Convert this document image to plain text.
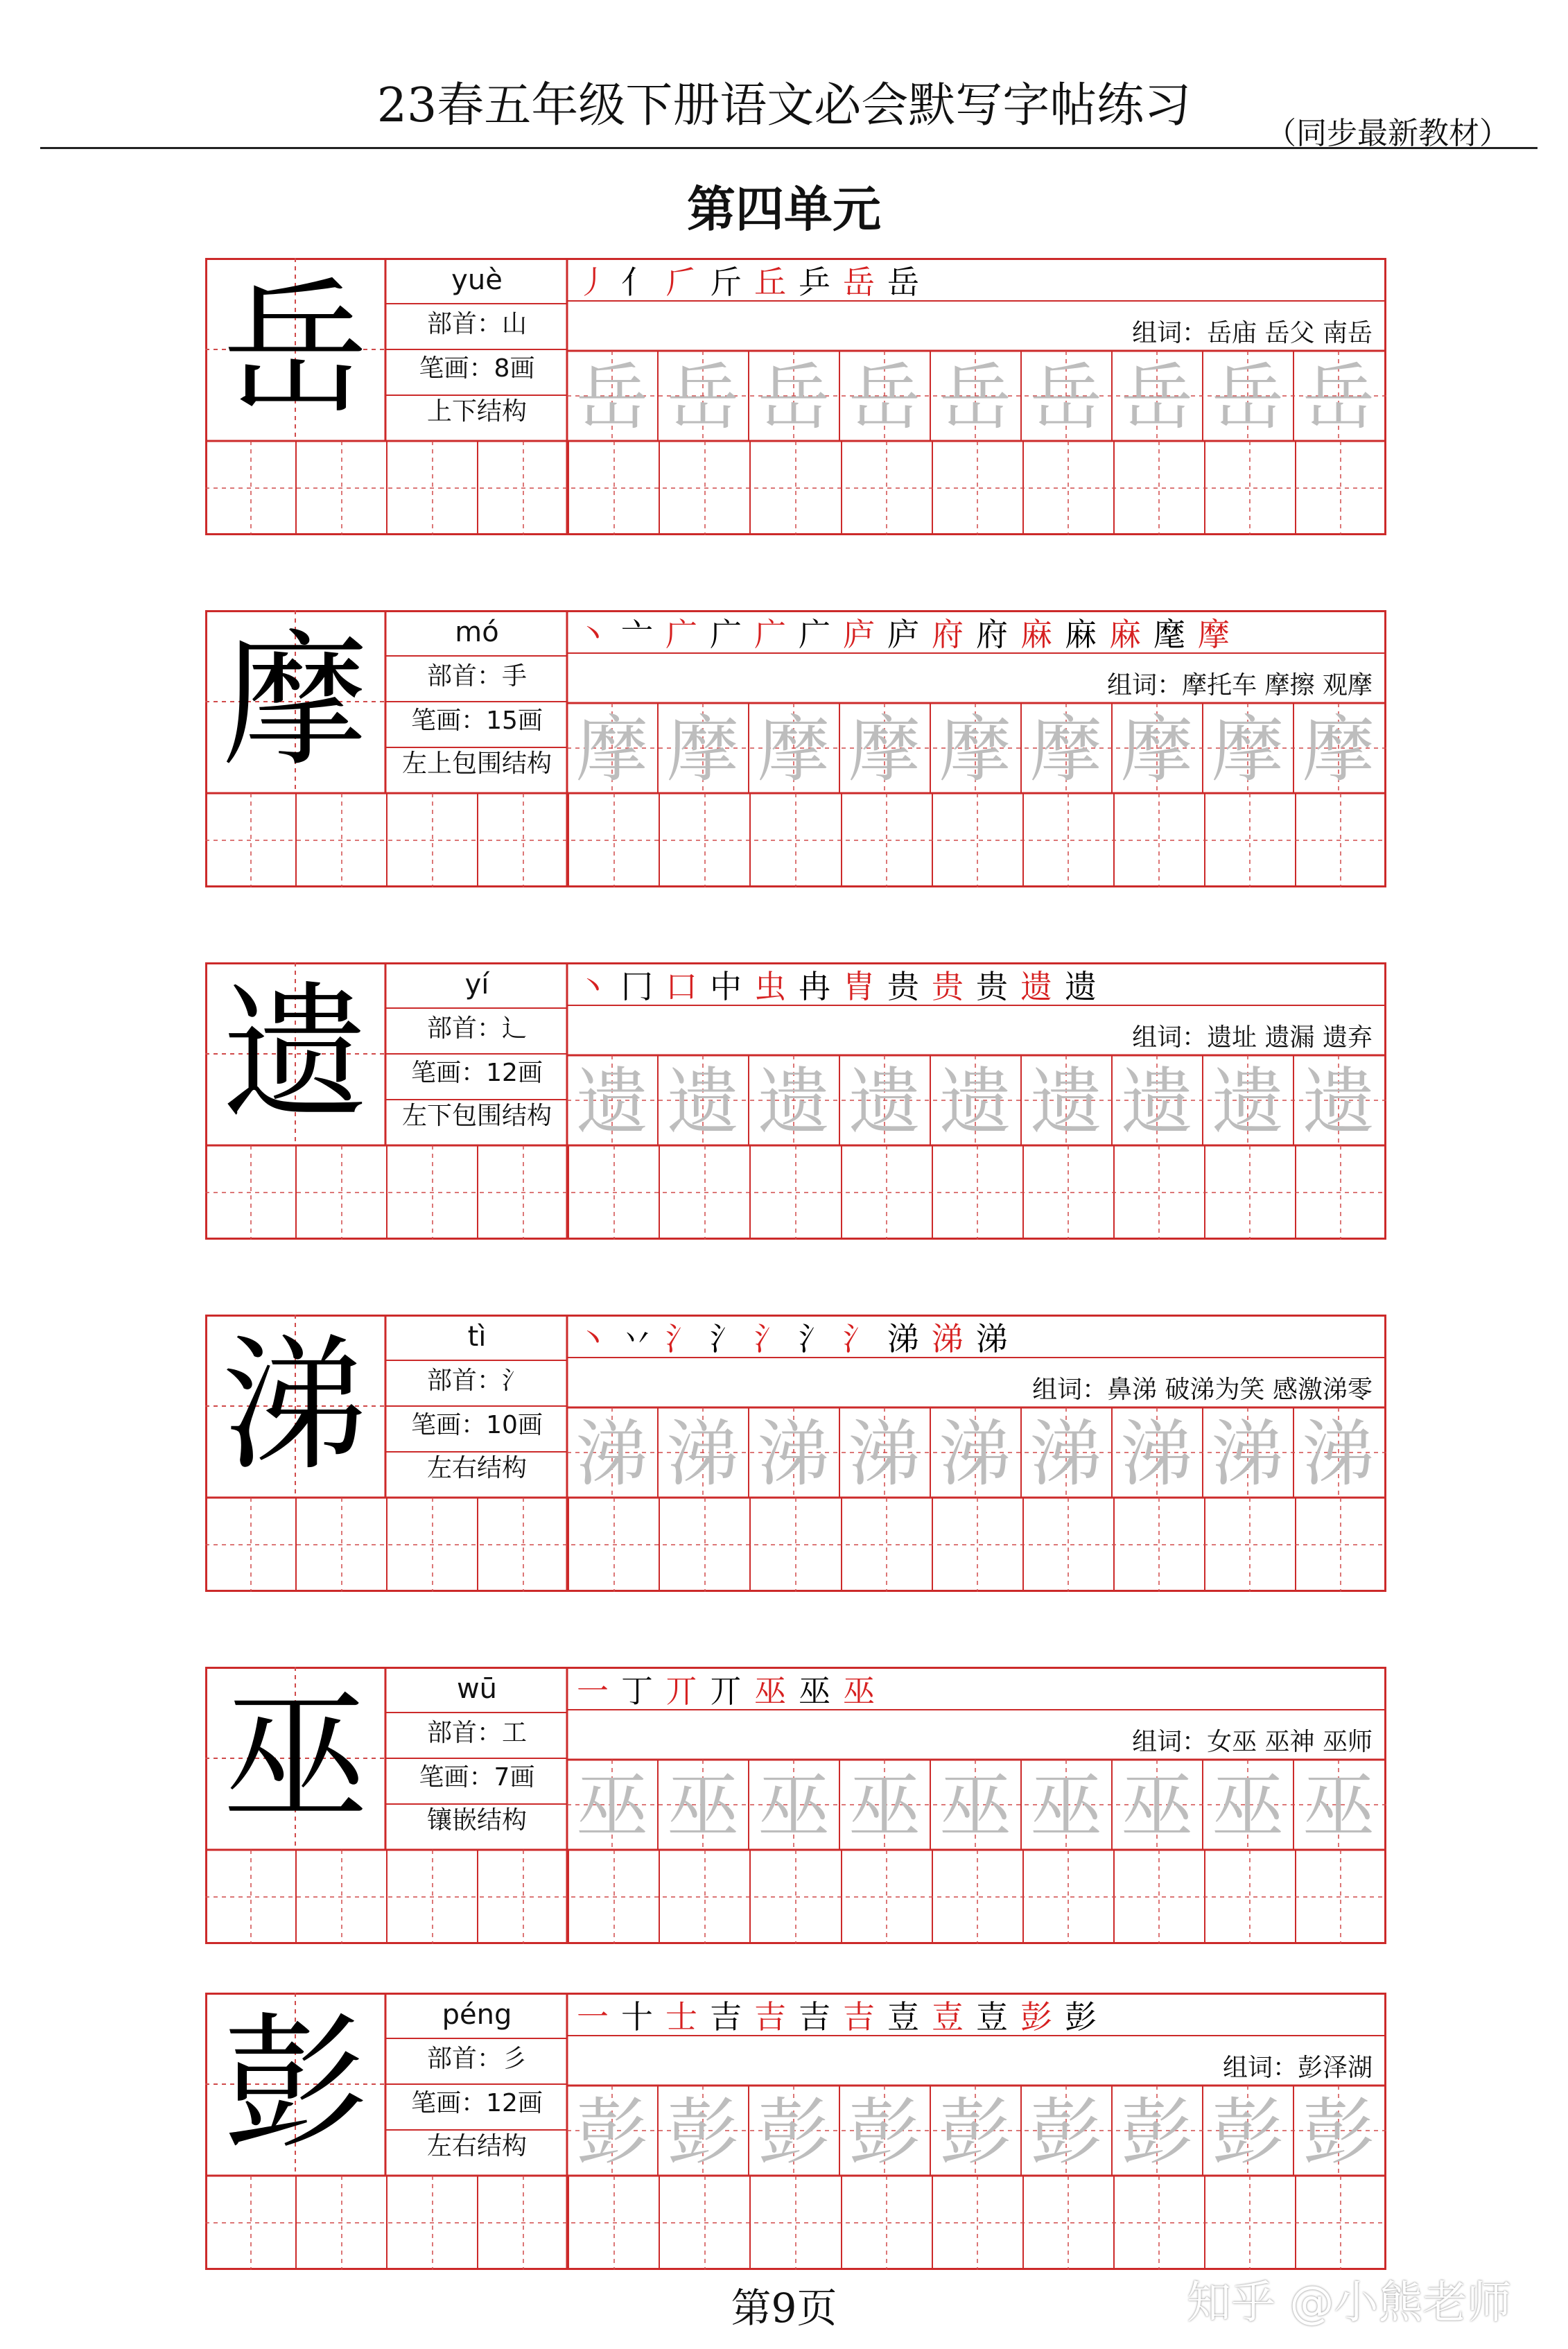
23春五年级下册语文必会默写字帖练习
（同步最新教材）
第四单元
岳	yuè
部首：山
笔画：8画
上下结构
丿 亻 𠂆 斤 丘 乒 岳 岳
组词：岳庙 岳父 南岳
岳 岳 岳 岳 岳 岳 岳 岳 岳
摩	mó
部首：手
笔画：15画
左上包围结构
丶 亠 广 广 广 广 庐 庐 府 府 麻 麻 麻 麾 摩
组词：摩托车 摩擦 观摩
摩 摩 摩 摩 摩 摩 摩 摩 摩
遗	yí
部首：辶
笔画：12画
左下包围结构
丶 冂 口 中 虫 冉 胄 贵 贵 贵 遗 遗
组词：遗址 遗漏 遗弃
遗 遗 遗 遗 遗 遗 遗 遗 遗
涕	tì
部首：氵
笔画：10画
左右结构
丶 丷 氵 氵 氵 氵 氵 涕 涕 涕
组词：鼻涕 破涕为笑 感激涕零
涕 涕 涕 涕 涕 涕 涕 涕 涕
巫	wū
部首：工
笔画：7画
镶嵌结构
一 丁 丌 丌 巫 巫 巫
组词：女巫 巫神 巫师
巫 巫 巫 巫 巫 巫 巫 巫 巫
彭	péng
部首：彡
笔画：12画
左右结构
一 十 士 吉 吉 吉 吉 壴 壴 壴 彭 彭
组词：彭泽湖
彭 彭 彭 彭 彭 彭 彭 彭 彭
第9页	知乎 @小熊老师
